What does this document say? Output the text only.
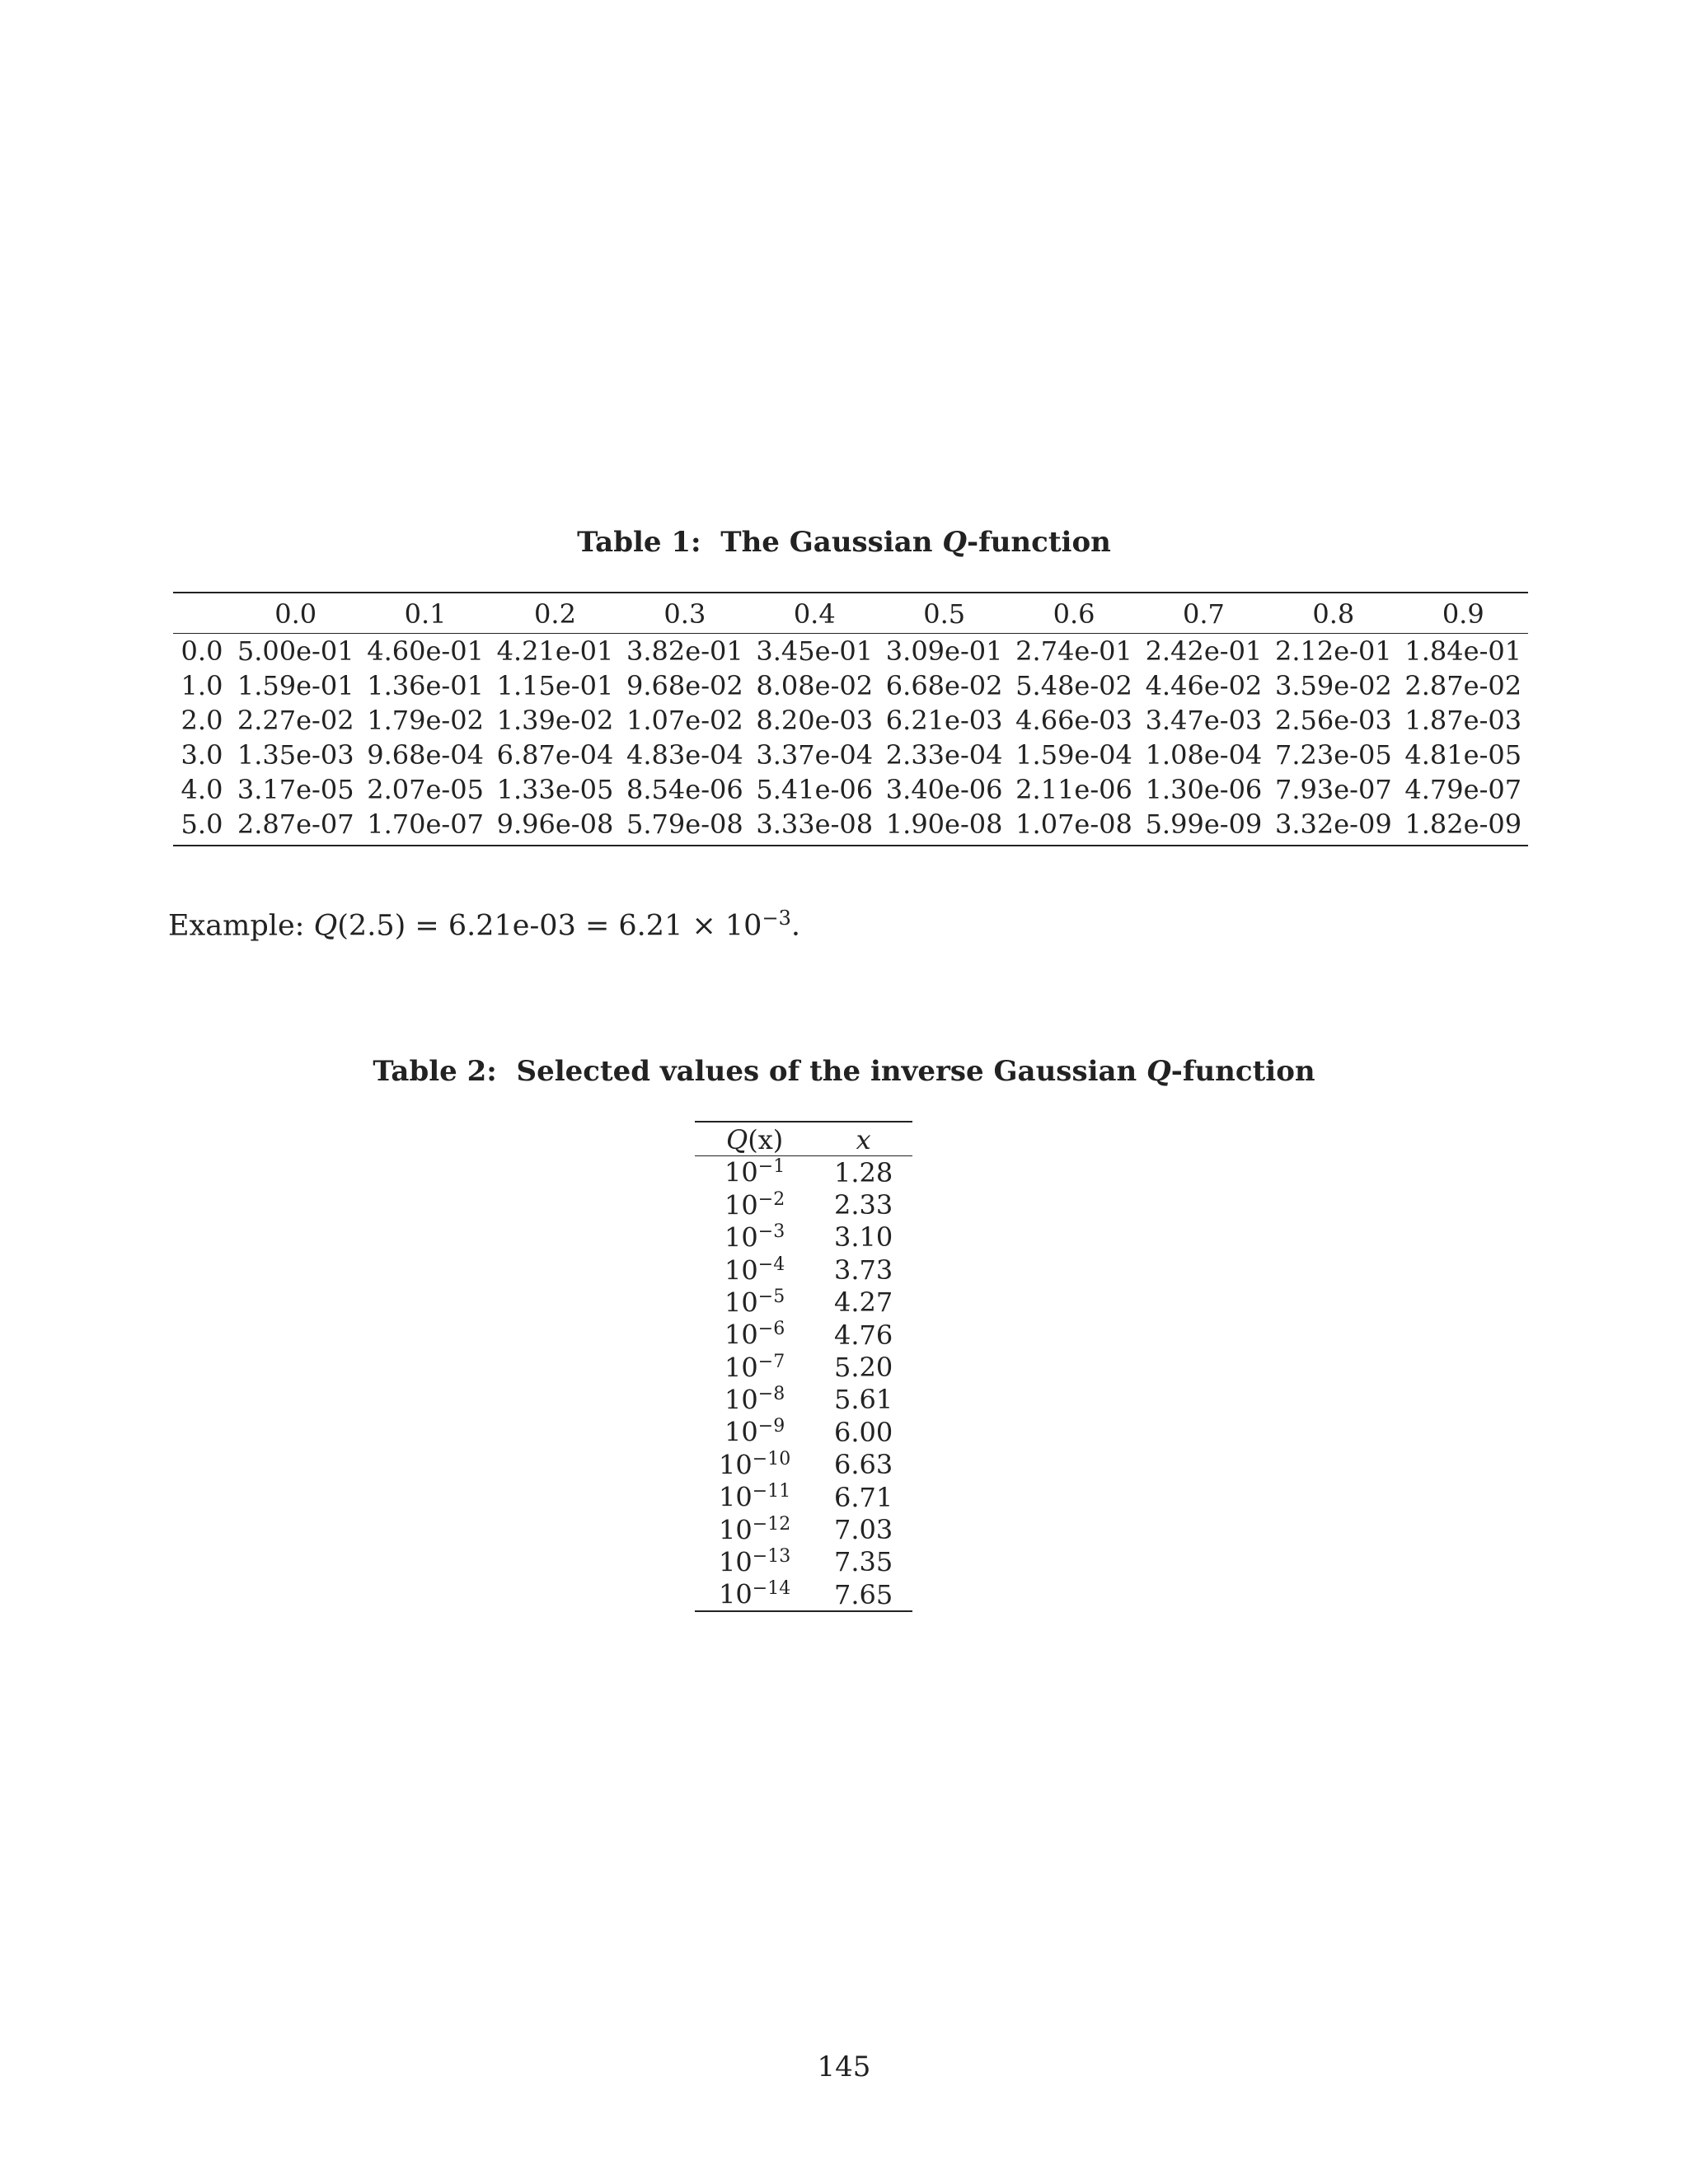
Table 1: The Gaussian Q-function

	0.0	0.1	0.2	0.3	0.4	0.5	0.6	0.7	0.8	0.9
0.0	5.00e-01	4.60e-01	4.21e-01	3.82e-01	3.45e-01	3.09e-01	2.74e-01	2.42e-01	2.12e-01	1.84e-01
1.0	1.59e-01	1.36e-01	1.15e-01	9.68e-02	8.08e-02	6.68e-02	5.48e-02	4.46e-02	3.59e-02	2.87e-02
2.0	2.27e-02	1.79e-02	1.39e-02	1.07e-02	8.20e-03	6.21e-03	4.66e-03	3.47e-03	2.56e-03	1.87e-03
3.0	1.35e-03	9.68e-04	6.87e-04	4.83e-04	3.37e-04	2.33e-04	1.59e-04	1.08e-04	7.23e-05	4.81e-05
4.0	3.17e-05	2.07e-05	1.33e-05	8.54e-06	5.41e-06	3.40e-06	2.11e-06	1.30e-06	7.93e-07	4.79e-07
5.0	2.87e-07	1.70e-07	9.96e-08	5.79e-08	3.33e-08	1.90e-08	1.07e-08	5.99e-09	3.32e-09	1.82e-09
Example: $Q(2.5) = 6.21e-03 = 6.21 \times 10^{-3}$.

Table 2: Selected values of the inverse Gaussian Q-function

Q(x)	x
$10^{-1}$	1.28
$10^{-2}$	2.33
$10^{-3}$	3.10
$10^{-4}$	3.73
$10^{-5}$	4.27
$10^{-6}$	4.76
$10^{-7}$	5.20
$10^{-8}$	5.61
$10^{-9}$	6.00
$10^{-10}$	6.63
$10^{-11}$	6.71
$10^{-12}$	7.03
$10^{-13}$	7.35
$10^{-14}$	7.65
145
